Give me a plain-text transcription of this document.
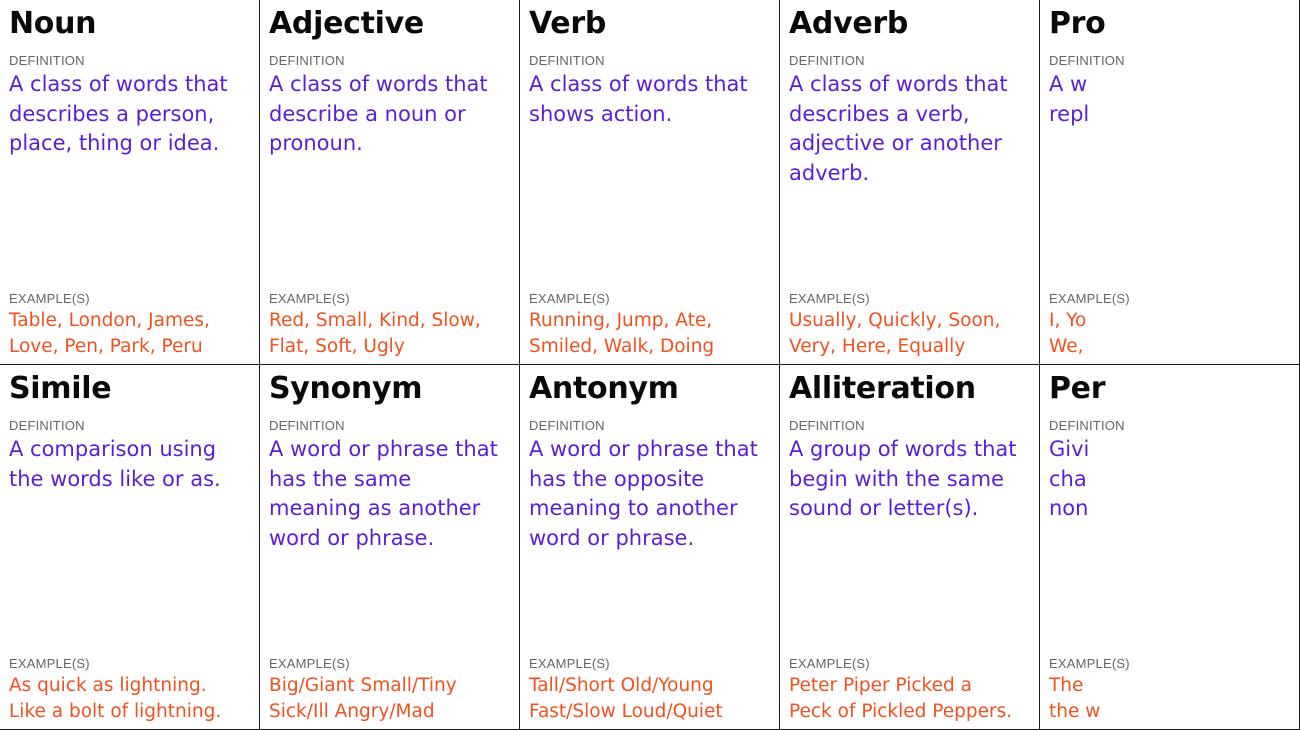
Noun
DEFINITION
A class of words that describes a person, place, thing or idea.
EXAMPLE(S)
Table, London, James,
Love, Pen, Park, Peru
Adjective
DEFINITION
A class of words that describe a noun or pronoun.
EXAMPLE(S)
Red, Small, Kind, Slow,
Flat, Soft, Ugly
Verb
DEFINITION
A class of words that shows action.
EXAMPLE(S)
Running, Jump, Ate,
Smiled, Walk, Doing
Adverb
DEFINITION
A class of words that describes a verb, adjective or another adverb.
EXAMPLE(S)
Usually, Quickly, Soon,
Very, Here, Equally
Pro
DEFINITION
A w repl
EXAMPLE(S)
I, Yo
We,
Simile
DEFINITION
A comparison using the words like or as.
EXAMPLE(S)
As quick as lightning.
Like a bolt of lightning.
Synonym
DEFINITION
A word or phrase that has the same meaning as another word or phrase.
EXAMPLE(S)
Big/Giant Small/Tiny
Sick/Ill Angry/Mad
Antonym
DEFINITION
A word or phrase that has the opposite meaning to another word or phrase.
EXAMPLE(S)
Tall/Short Old/Young
Fast/Slow Loud/Quiet
Alliteration
DEFINITION
A group of words that begin with the same sound or letter(s).
EXAMPLE(S)
Peter Piper Picked a
Peck of Pickled Peppers.
Per
DEFINITION
Givi cha non
EXAMPLE(S)
The
the w
